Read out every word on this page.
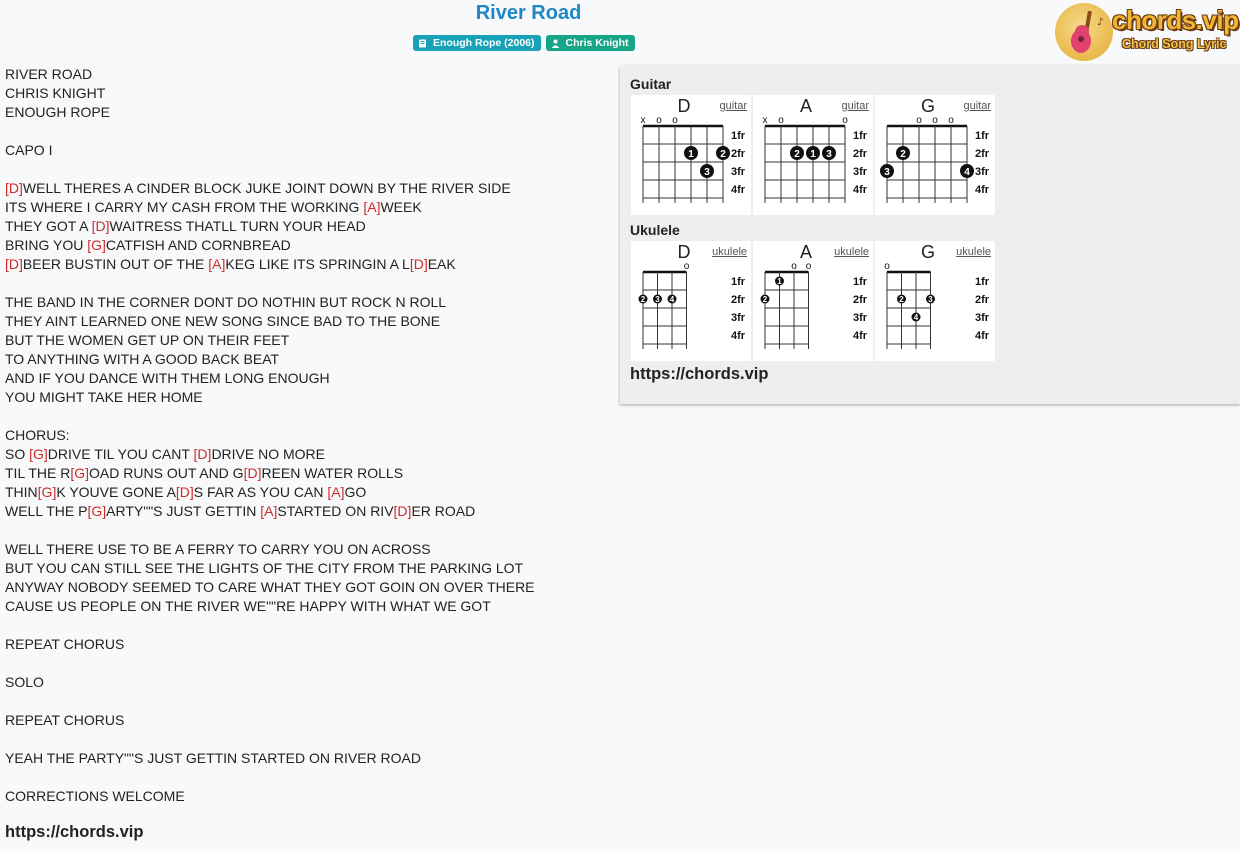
River Road
Enough Rope (2006)	Chris Knight
♪ chords.vip
Chord Song Lyric
RIVER ROAD
CHRIS KNIGHT
ENOUGH ROPE
CAPO I
[D]WELL THERES A CINDER BLOCK JUKE JOINT DOWN BY THE RIVER SIDE
ITS WHERE I CARRY MY CASH FROM THE WORKING [A]WEEK
THEY GOT A [D]WAITRESS THATLL TURN YOUR HEAD
BRING YOU [G]CATFISH AND CORNBREAD
[D]BEER BUSTIN OUT OF THE [A]KEG LIKE ITS SPRINGIN A L[D]EAK
THE BAND IN THE CORNER DONT DO NOTHIN BUT ROCK N ROLL
THEY AINT LEARNED ONE NEW SONG SINCE BAD TO THE BONE
BUT THE WOMEN GET UP ON THEIR FEET
TO ANYTHING WITH A GOOD BACK BEAT
AND IF YOU DANCE WITH THEM LONG ENOUGH
YOU MIGHT TAKE HER HOME
CHORUS:
SO [G]DRIVE TIL YOU CANT [D]DRIVE NO MORE
TIL THE R[G]OAD RUNS OUT AND G[D]REEN WATER ROLLS
THIN[G]K YOUVE GONE A[D]S FAR AS YOU CAN [A]GO
WELL THE P[G]ARTY""S JUST GETTIN [A]STARTED ON RIV[D]ER ROAD
WELL THERE USE TO BE A FERRY TO CARRY YOU ON ACROSS
BUT YOU CAN STILL SEE THE LIGHTS OF THE CITY FROM THE PARKING LOT
ANYWAY NOBODY SEEMED TO CARE WHAT THEY GOT GOIN ON OVER THERE
CAUSE US PEOPLE ON THE RIVER WE""RE HAPPY WITH WHAT WE GOT
REPEAT CHORUS
SOLO
REPEAT CHORUS
YEAH THE PARTY""S JUST GETTIN STARTED ON RIVER ROAD
CORRECTIONS WELCOME
https://chords.vip
Guitar
D	guitar
1fr
2fr
3fr
4fr
x o o
1	2
3
A	guitar
1fr
2fr
3fr
4fr
x o	o
2 1 3
G	guitar
1fr
2fr
3fr
4fr
o o o
2
3	4
Ukulele
D	ukulele
1fr
2fr
3fr
4fr
o
2 3 4
A	ukulele
1fr
2fr
3fr
4fr
o o
1
2
G	ukulele
1fr
2fr
3fr
4fr
o
2	3
4
https://chords.vip
